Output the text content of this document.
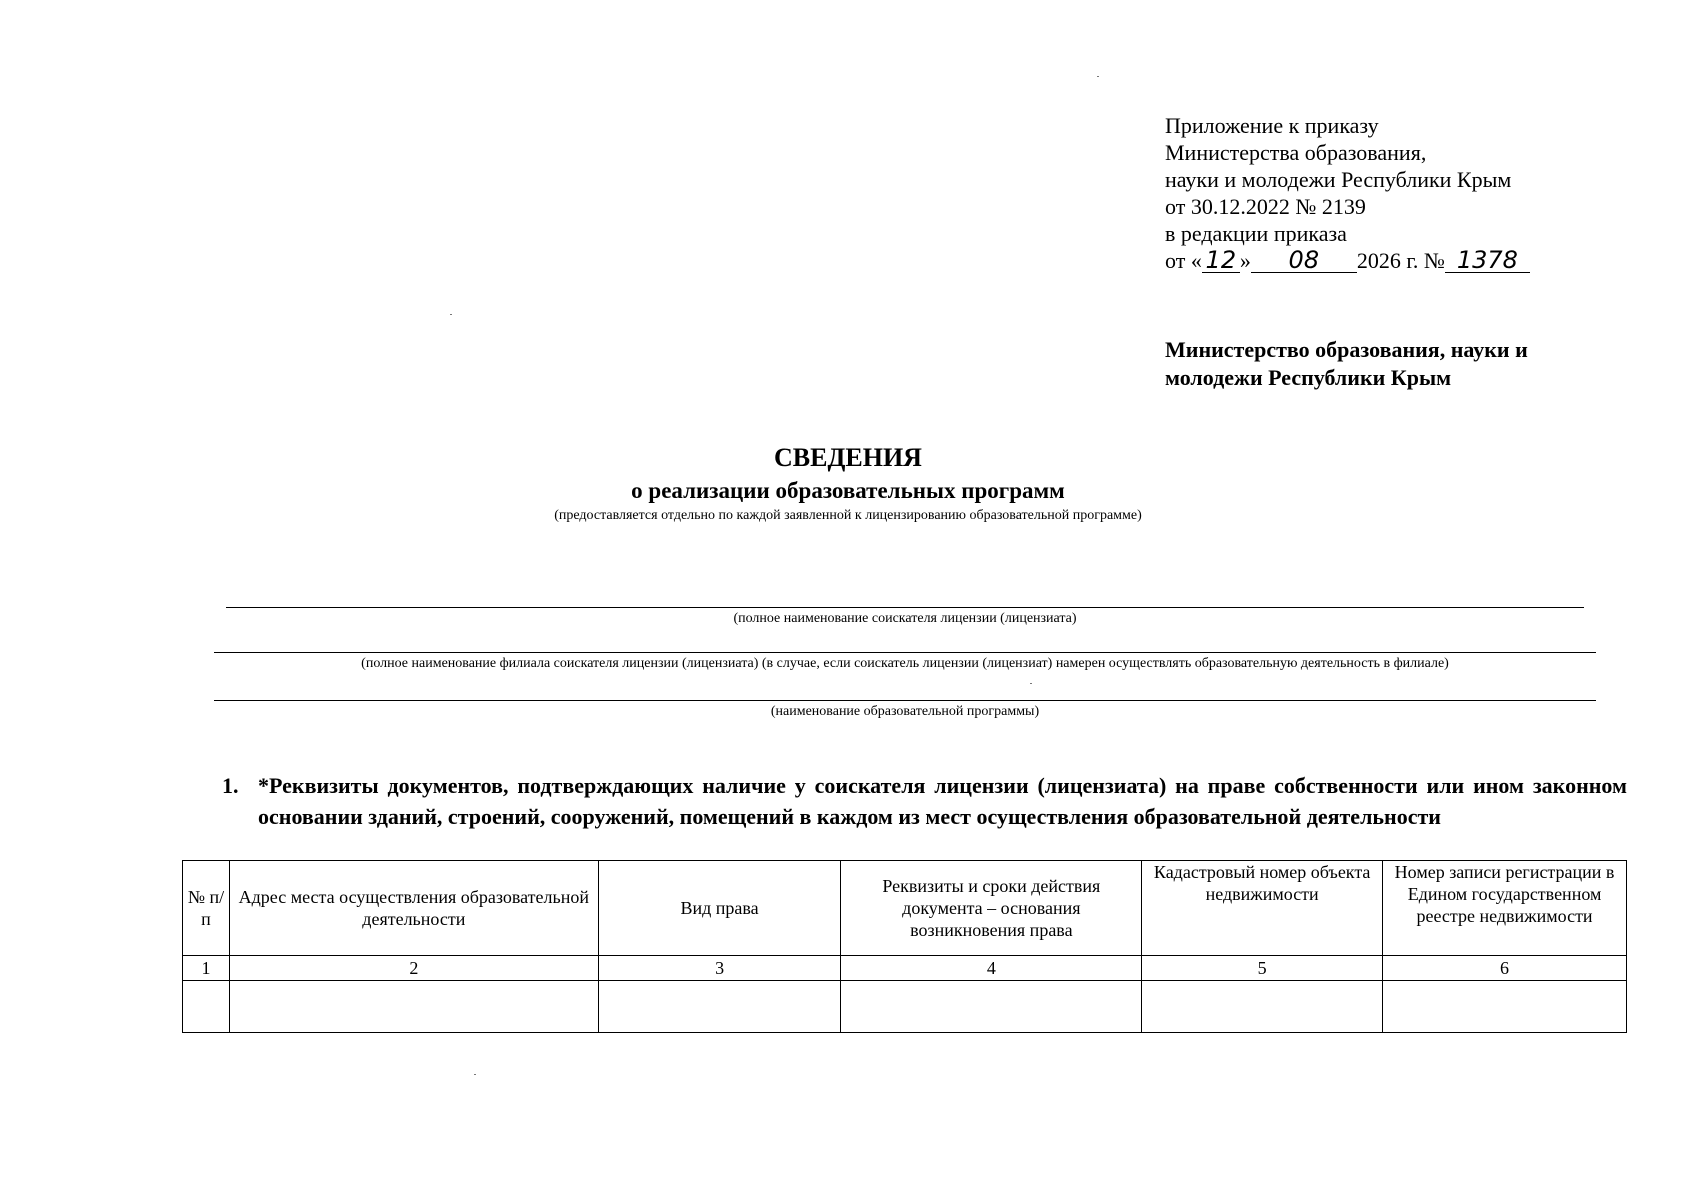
Приложение к приказу
Министерства образования,
науки и молодежи Республики Крым
от 30.12.2022 № 2139
в редакции приказа
от « 12 » 08 2026 г. № 1378
Министерство образования, науки и
молодежи Республики Крым
СВЕДЕНИЯ
о реализации образовательных программ
(предоставляется отдельно по каждой заявленной к лицензированию образовательной программе)
(полное наименование соискателя лицензии (лицензиата)
(полное наименование филиала соискателя лицензии (лицензиата) (в случае, если соискатель лицензии (лицензиат) намерен осуществлять образовательную деятельность в филиале)
(наименование образовательной программы)
1. *Реквизиты документов, подтверждающих наличие у соискателя лицензии (лицензиата) на праве собственности или ином законном основании зданий, строений, сооружений, помещений в каждом из мест осуществления образовательной деятельности
№ п/п	Адрес места осуществления образовательной деятельности	Вид права	Реквизиты и сроки действия документа – основания возникновения права	Кадастровый номер объекта недвижимости	Номер записи регистрации в Едином государственном реестре недвижимости
1	2	3	4	5	6
